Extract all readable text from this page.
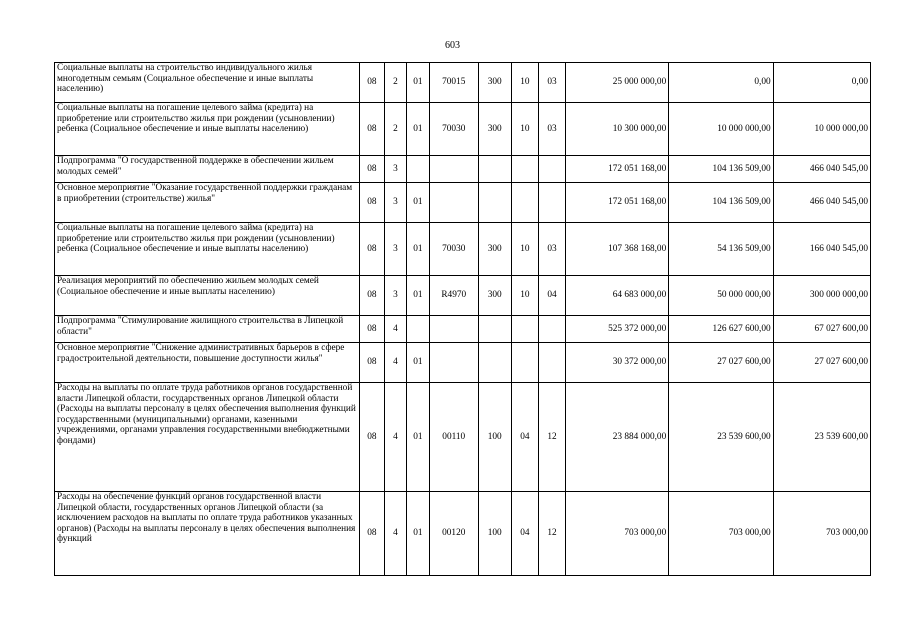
603
Социальные выплаты на строительство индивидуального жилья многодетным семьям (Социальное обеспечение и иные выплаты населению)	08	2	01	70015	300	10	03	25 000 000,00	0,00	0,00
Социальные выплаты на погашение целевого займа (кредита) на приобретение или строительство жилья при рождении (усыновлении) ребенка (Социальное обеспечение и иные выплаты населению)	08	2	01	70030	300	10	03	10 300 000,00	10 000 000,00	10 000 000,00
Подпрограмма "О государственной поддержке в обеспечении жильем молодых семей"	08	3						172 051 168,00	104 136 509,00	466 040 545,00
Основное мероприятие "Оказание государственной поддержки гражданам в приобретении (строительстве) жилья"	08	3	01					172 051 168,00	104 136 509,00	466 040 545,00
Социальные выплаты на погашение целевого займа (кредита) на приобретение или строительство жилья при рождении (усыновлении) ребенка (Социальное обеспечение и иные выплаты населению)	08	3	01	70030	300	10	03	107 368 168,00	54 136 509,00	166 040 545,00
Реализация мероприятий по обеспечению жильем молодых семей (Социальное обеспечение и иные выплаты населению)	08	3	01	R4970	300	10	04	64 683 000,00	50 000 000,00	300 000 000,00
Подпрограмма "Стимулирование жилищного строительства в Липецкой области"	08	4						525 372 000,00	126 627 600,00	67 027 600,00
Основное мероприятие "Снижение административных барьеров в сфере градостроительной деятельности, повышение доступности жилья"	08	4	01					30 372 000,00	27 027 600,00	27 027 600,00
Расходы на выплаты по оплате труда работников органов государственной власти Липецкой области, государственных органов Липецкой области (Расходы на выплаты персоналу в целях обеспечения выполнения функций государственными (муниципальными) органами, казенными учреждениями, органами управления государственными внебюджетными фондами)	08	4	01	00110	100	04	12	23 884 000,00	23 539 600,00	23 539 600,00
Расходы на обеспечение функций органов государственной власти Липецкой области, государственных органов Липецкой области (за исключением расходов на выплаты по оплате труда работников указанных органов) (Расходы на выплаты персоналу в целях обеспечения выполнения функций	08	4	01	00120	100	04	12	703 000,00	703 000,00	703 000,00
